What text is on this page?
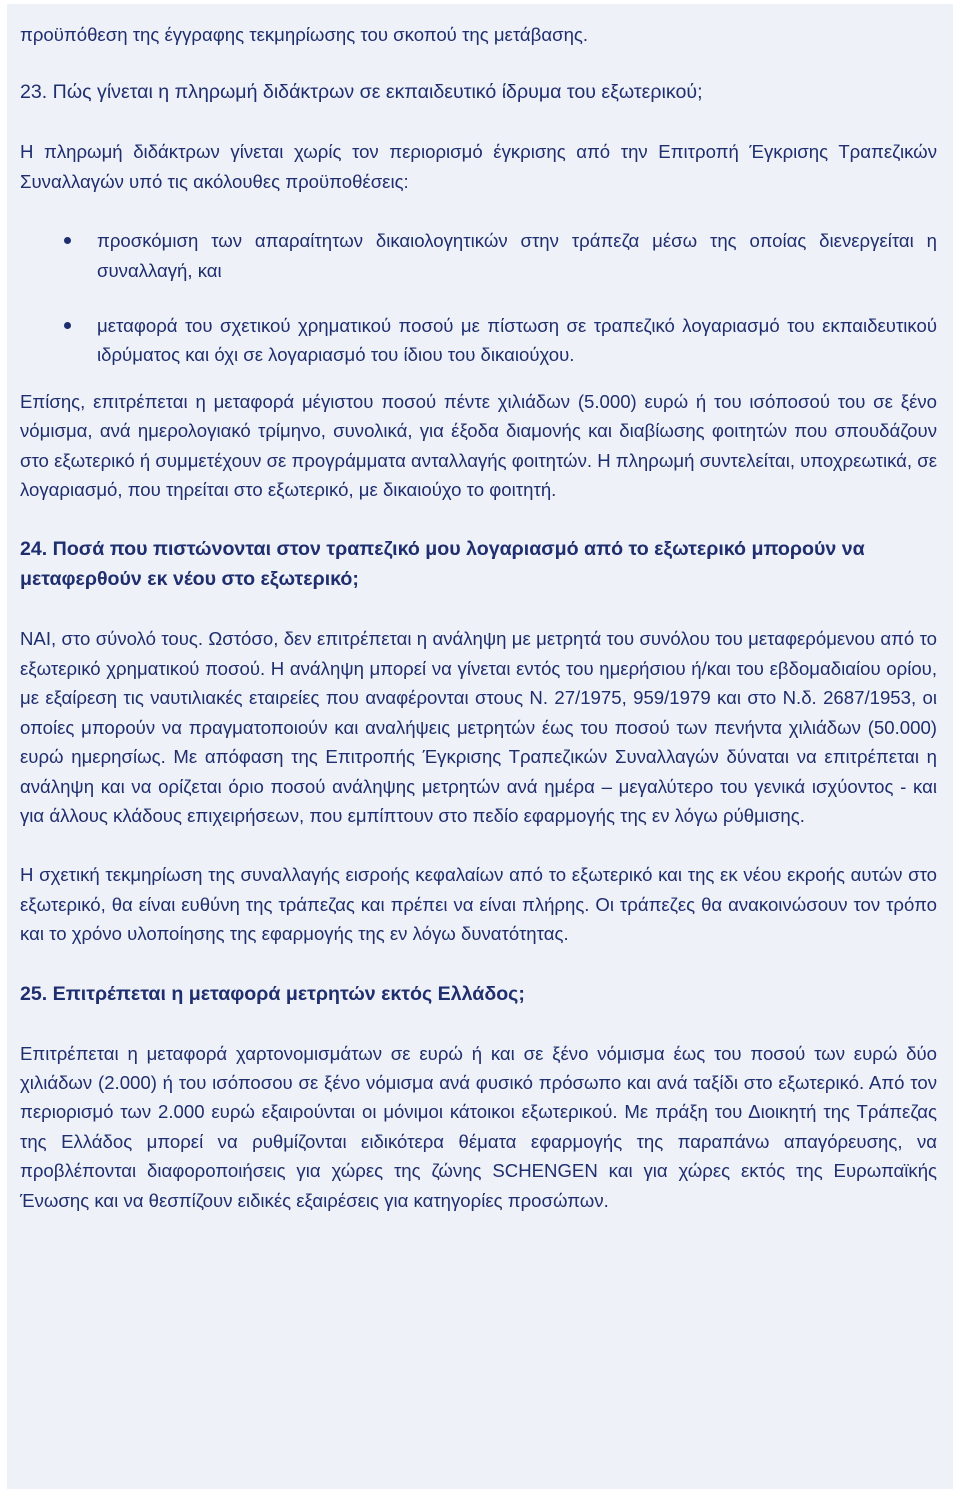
προϋπόθεση της έγγραφης τεκμηρίωσης του σκοπού της μετάβασης.

23. Πώς γίνεται η πληρωμή διδάκτρων σε εκπαιδευτικό ίδρυμα του εξωτερικού;

Η πληρωμή διδάκτρων γίνεται χωρίς τον περιορισμό έγκρισης από την Επιτροπή Έγκρισης Τραπεζικών Συναλλαγών υπό τις ακόλουθες προϋποθέσεις:

προσκόμιση των απαραίτητων δικαιολογητικών στην τράπεζα μέσω της οποίας διενεργείται η συναλλαγή, και
μεταφορά του σχετικού χρηματικού ποσού με πίστωση σε τραπεζικό λογαριασμό του εκπαιδευτικού ιδρύματος και όχι σε λογαριασμό του ίδιου του δικαιούχου.

Επίσης, επιτρέπεται η μεταφορά μέγιστου ποσού πέντε χιλιάδων (5.000) ευρώ ή του ισόποσού του σε ξένο νόμισμα, ανά ημερολογιακό τρίμηνο, συνολικά, για έξοδα διαμονής και διαβίωσης φοιτητών που σπουδάζουν στο εξωτερικό ή συμμετέχουν σε προγράμματα ανταλλαγής φοιτητών. Η πληρωμή συντελείται, υποχρεωτικά, σε λογαριασμό, που τηρείται στο εξωτερικό, με δικαιούχο το φοιτητή.

24. Ποσά που πιστώνονται στον τραπεζικό μου λογαριασμό από το εξωτερικό μπορούν να μεταφερθούν εκ νέου στο εξωτερικό;

ΝΑΙ, στο σύνολό τους. Ωστόσο, δεν επιτρέπεται η ανάληψη με μετρητά του συνόλου του μεταφερόμενου από το εξωτερικό χρηματικού ποσού. Η ανάληψη μπορεί να γίνεται εντός του ημερήσιου ή/και του εβδομαδιαίου ορίου, με εξαίρεση τις ναυτιλιακές εταιρείες που αναφέρονται στους Ν. 27/1975, 959/1979 και στο Ν.δ. 2687/1953, οι οποίες μπορούν να πραγματοποιούν και αναλήψεις μετρητών έως του ποσού των πενήντα χιλιάδων (50.000) ευρώ ημερησίως. Με απόφαση της Επιτροπής Έγκρισης Τραπεζικών Συναλλαγών δύναται να επιτρέπεται η ανάληψη και να ορίζεται όριο ποσού ανάληψης μετρητών ανά ημέρα – μεγαλύτερο του γενικά ισχύοντος - και για άλλους κλάδους επιχειρήσεων, που εμπίπτουν στο πεδίο εφαρμογής της εν λόγω ρύθμισης.

Η σχετική τεκμηρίωση της συναλλαγής εισροής κεφαλαίων από το εξωτερικό και της εκ νέου εκροής αυτών στο εξωτερικό, θα είναι ευθύνη της τράπεζας και πρέπει να είναι πλήρης. Οι τράπεζες θα ανακοινώσουν τον τρόπο και το χρόνο υλοποίησης της εφαρμογής της εν λόγω δυνατότητας.

25. Επιτρέπεται η μεταφορά μετρητών εκτός Ελλάδος;

Επιτρέπεται η μεταφορά χαρτονομισμάτων σε ευρώ ή και σε ξένο νόμισμα έως του ποσού των ευρώ δύο χιλιάδων (2.000) ή του ισόποσου σε ξένο νόμισμα ανά φυσικό πρόσωπο και ανά ταξίδι στο εξωτερικό. Από τον περιορισμό των 2.000 ευρώ εξαιρούνται οι μόνιμοι κάτοικοι εξωτερικού. Με πράξη του Διοικητή της Τράπεζας της Ελλάδος μπορεί να ρυθμίζονται ειδικότερα θέματα εφαρμογής της παραπάνω απαγόρευσης, να προβλέπονται διαφοροποιήσεις για χώρες της ζώνης SCHENGEN και για χώρες εκτός της Ευρωπαϊκής Ένωσης και να θεσπίζουν ειδικές εξαιρέσεις για κατηγορίες προσώπων.
